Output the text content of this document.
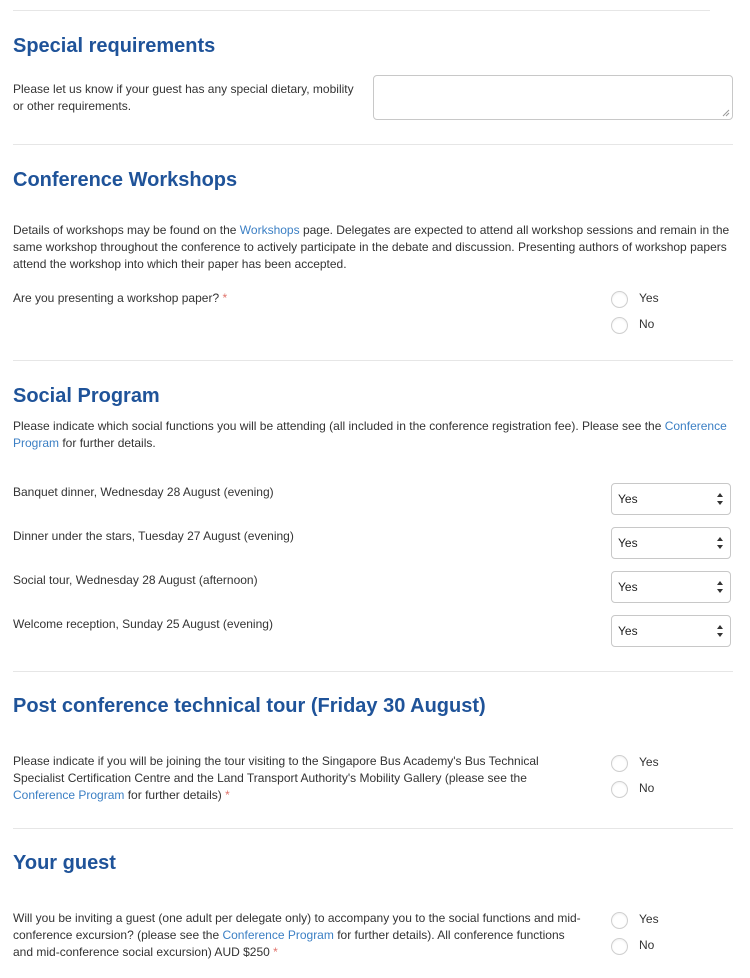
Special requirements
Please let us know if your guest has any special dietary, mobility or other requirements.
Conference Workshops
Details of workshops may be found on the Workshops page. Delegates are expected to attend all workshop sessions and remain in the same workshop throughout the conference to actively participate in the debate and discussion. Presenting authors of workshop papers attend the workshop into which their paper has been accepted.
Are you presenting a workshop paper? *	Yes
No
Social Program
Please indicate which social functions you will be attending (all included in the conference registration fee). Please see the Conference Program for further details.
Banquet dinner, Wednesday 28 August (evening)	Yes
Dinner under the stars, Tuesday 27 August (evening)	Yes
Social tour, Wednesday 28 August (afternoon)	Yes
Welcome reception, Sunday 25 August (evening)	Yes
Post conference technical tour (Friday 30 August)
Please indicate if you will be joining the tour visiting to the Singapore Bus Academy's Bus Technical Specialist Certification Centre and the Land Transport Authority's Mobility Gallery (please see the Conference Program for further details) *
Yes
No
Your guest
Will you be inviting a guest (one adult per delegate only) to accompany you to the social functions and mid-conference excursion? (please see the Conference Program for further details). All conference functions and mid-conference social excursion) AUD $250 *
Yes
No
